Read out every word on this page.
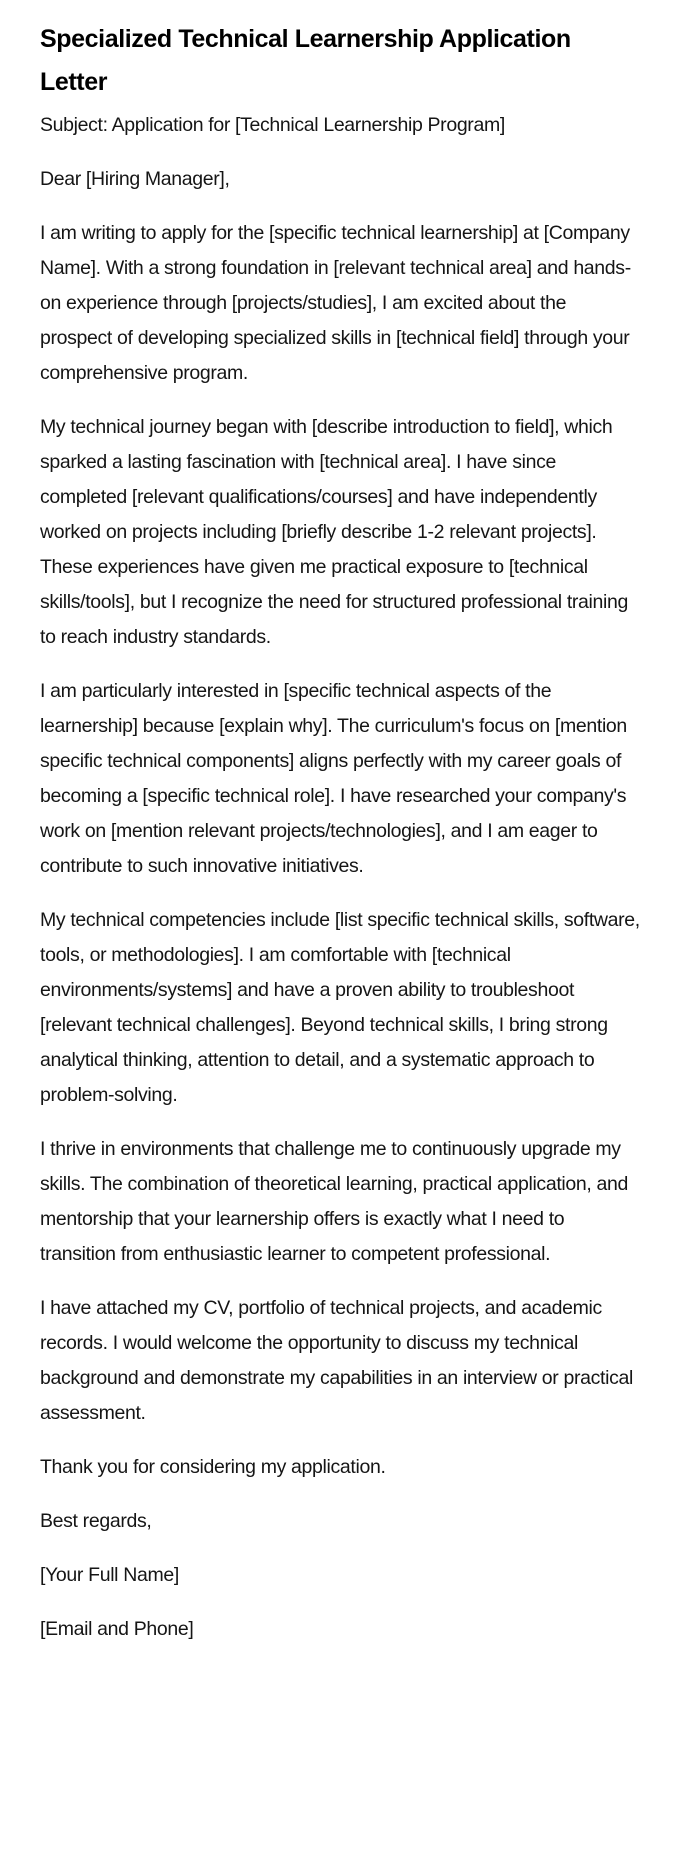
Specialized Technical Learnership Application Letter

Subject: Application for [Technical Learnership Program]

Dear [Hiring Manager],

I am writing to apply for the [specific technical learnership] at [Company Name]. With a strong foundation in [relevant technical area] and hands-on experience through [projects/studies], I am excited about the prospect of developing specialized skills in [technical field] through your comprehensive program.

My technical journey began with [describe introduction to field], which sparked a lasting fascination with [technical area]. I have since completed [relevant qualifications/courses] and have independently worked on projects including [briefly describe 1-2 relevant projects]. These experiences have given me practical exposure to [technical skills/tools], but I recognize the need for structured professional training to reach industry standards.

I am particularly interested in [specific technical aspects of the learnership] because [explain why]. The curriculum's focus on [mention specific technical components] aligns perfectly with my career goals of becoming a [specific technical role]. I have researched your company's work on [mention relevant projects/technologies], and I am eager to contribute to such innovative initiatives.

My technical competencies include [list specific technical skills, software, tools, or methodologies]. I am comfortable with [technical environments/systems] and have a proven ability to troubleshoot [relevant technical challenges]. Beyond technical skills, I bring strong analytical thinking, attention to detail, and a systematic approach to problem-solving.

I thrive in environments that challenge me to continuously upgrade my skills. The combination of theoretical learning, practical application, and mentorship that your learnership offers is exactly what I need to transition from enthusiastic learner to competent professional.

I have attached my CV, portfolio of technical projects, and academic records. I would welcome the opportunity to discuss my technical background and demonstrate my capabilities in an interview or practical assessment.

Thank you for considering my application.

Best regards,

[Your Full Name]

[Email and Phone]
